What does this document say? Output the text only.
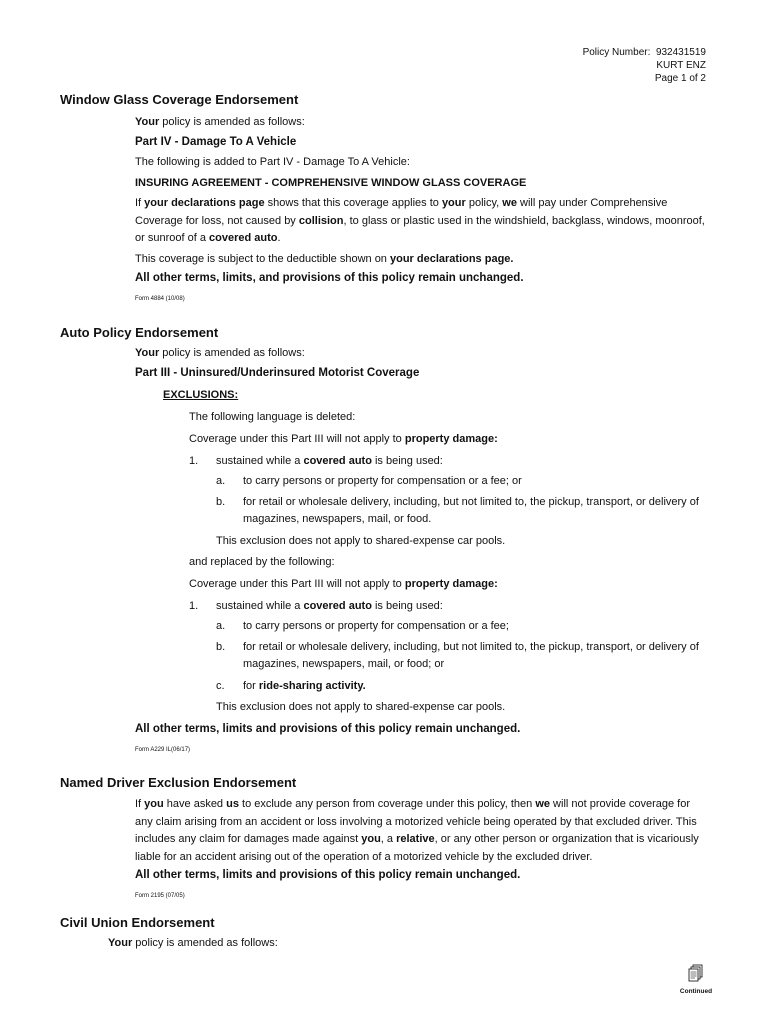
Policy Number: 932431519
KURT ENZ
Page 1 of 2
Window Glass Coverage Endorsement
Your policy is amended as follows:
Part IV - Damage To A Vehicle
The following is added to Part IV - Damage To A Vehicle:
INSURING AGREEMENT - COMPREHENSIVE WINDOW GLASS COVERAGE
If your declarations page shows that this coverage applies to your policy, we will pay under Comprehensive Coverage for loss, not caused by collision, to glass or plastic used in the windshield, backglass, windows, moonroof, or sunroof of a covered auto.
This coverage is subject to the deductible shown on your declarations page.
All other terms, limits, and provisions of this policy remain unchanged.
Form 4884 (10/08)
Auto Policy Endorsement
Your policy is amended as follows:
Part III - Uninsured/Underinsured Motorist Coverage
EXCLUSIONS:
The following language is deleted:
Coverage under this Part III will not apply to property damage:
1. sustained while a covered auto is being used:
a. to carry persons or property for compensation or a fee; or
b. for retail or wholesale delivery, including, but not limited to, the pickup, transport, or delivery of
magazines, newspapers, mail, or food.
This exclusion does not apply to shared-expense car pools.
and replaced by the following:
Coverage under this Part III will not apply to property damage:
1. sustained while a covered auto is being used:
a. to carry persons or property for compensation or a fee;
b. for retail or wholesale delivery, including, but not limited to, the pickup, transport, or delivery of
magazines, newspapers, mail, or food; or
c. for ride-sharing activity.
This exclusion does not apply to shared-expense car pools.
All other terms, limits and provisions of this policy remain unchanged.
Form A229 IL(06/17)
Named Driver Exclusion Endorsement
If you have asked us to exclude any person from coverage under this policy, then we will not provide coverage for any claim arising from an accident or loss involving a motorized vehicle being operated by that excluded driver. This includes any claim for damages made against you, a relative, or any other person or organization that is vicariously liable for an accident arising out of the operation of a motorized vehicle by the excluded driver.
All other terms, limits and provisions of this policy remain unchanged.
Form 2195 (07/05)
Civil Union Endorsement
Your policy is amended as follows:
Continued
